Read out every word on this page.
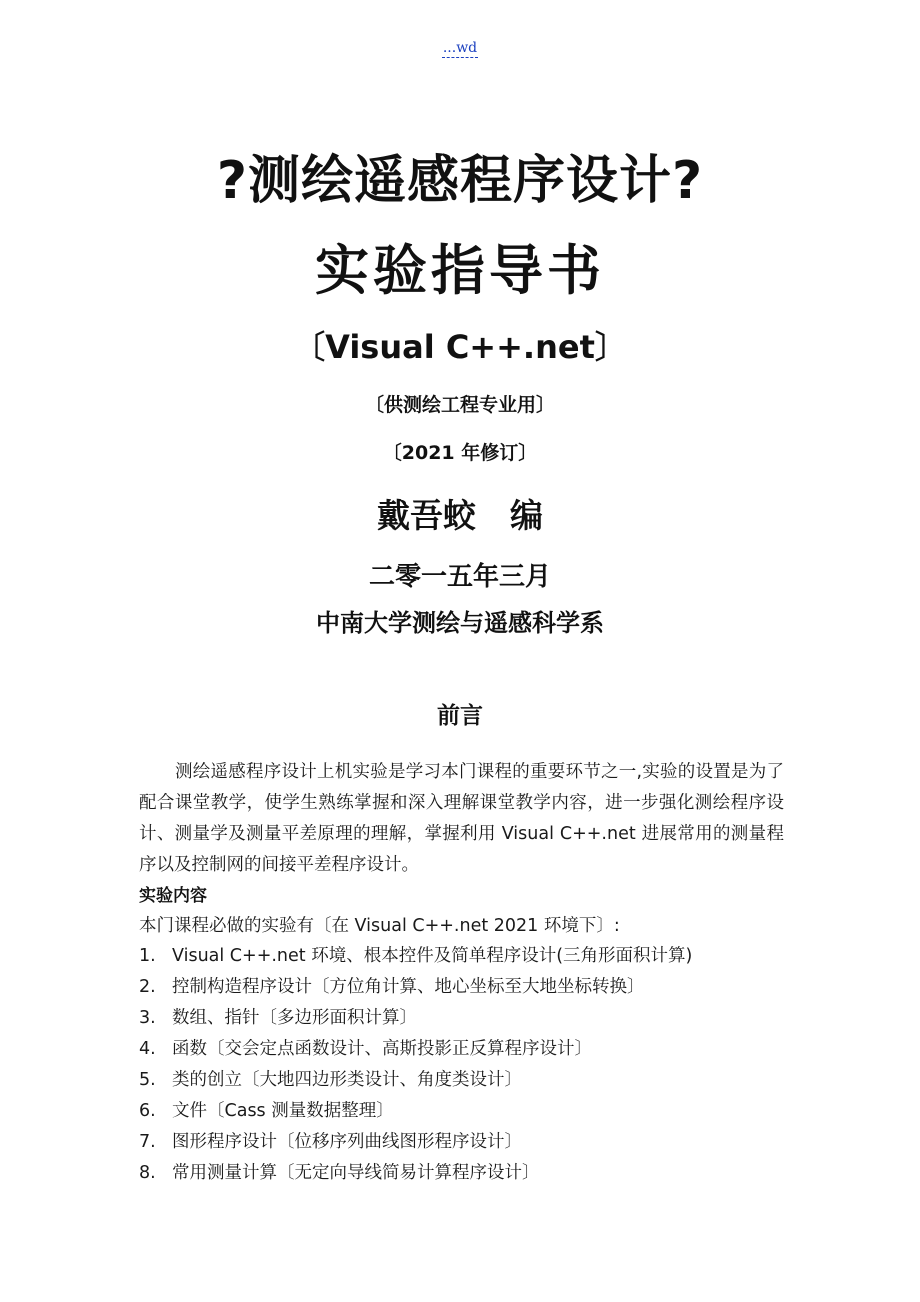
...wd
?测绘遥感程序设计?
实验指导书
〔Visual C++.net〕
〔供测绘工程专业用〕
〔2021 年修订〕
戴吾蛟 编
二零一五年三月
中南大学测绘与遥感科学系
前言
测绘遥感程序设计上机实验是学习本门课程的重要环节之一,实验的设置是为了配合课堂教学，使学生熟练掌握和深入理解课堂教学内容，进一步强化测绘程序设计、测量学及测量平差原理的理解，掌握利用 Visual C++.net 进展常用的测量程序以及控制网的间接平差程序设计。
实验内容
本门课程必做的实验有〔在 Visual C++.net 2021 环境下〕:
1. Visual C++.net 环境、根本控件及简单程序设计(三角形面积计算)
2. 控制构造程序设计〔方位角计算、地心坐标至大地坐标转换〕
3. 数组、指针〔多边形面积计算〕
4. 函数〔交会定点函数设计、高斯投影正反算程序设计〕
5. 类的创立〔大地四边形类设计、角度类设计〕
6. 文件〔Cass 测量数据整理〕
7. 图形程序设计〔位移序列曲线图形程序设计〕
8. 常用测量计算〔无定向导线简易计算程序设计〕
